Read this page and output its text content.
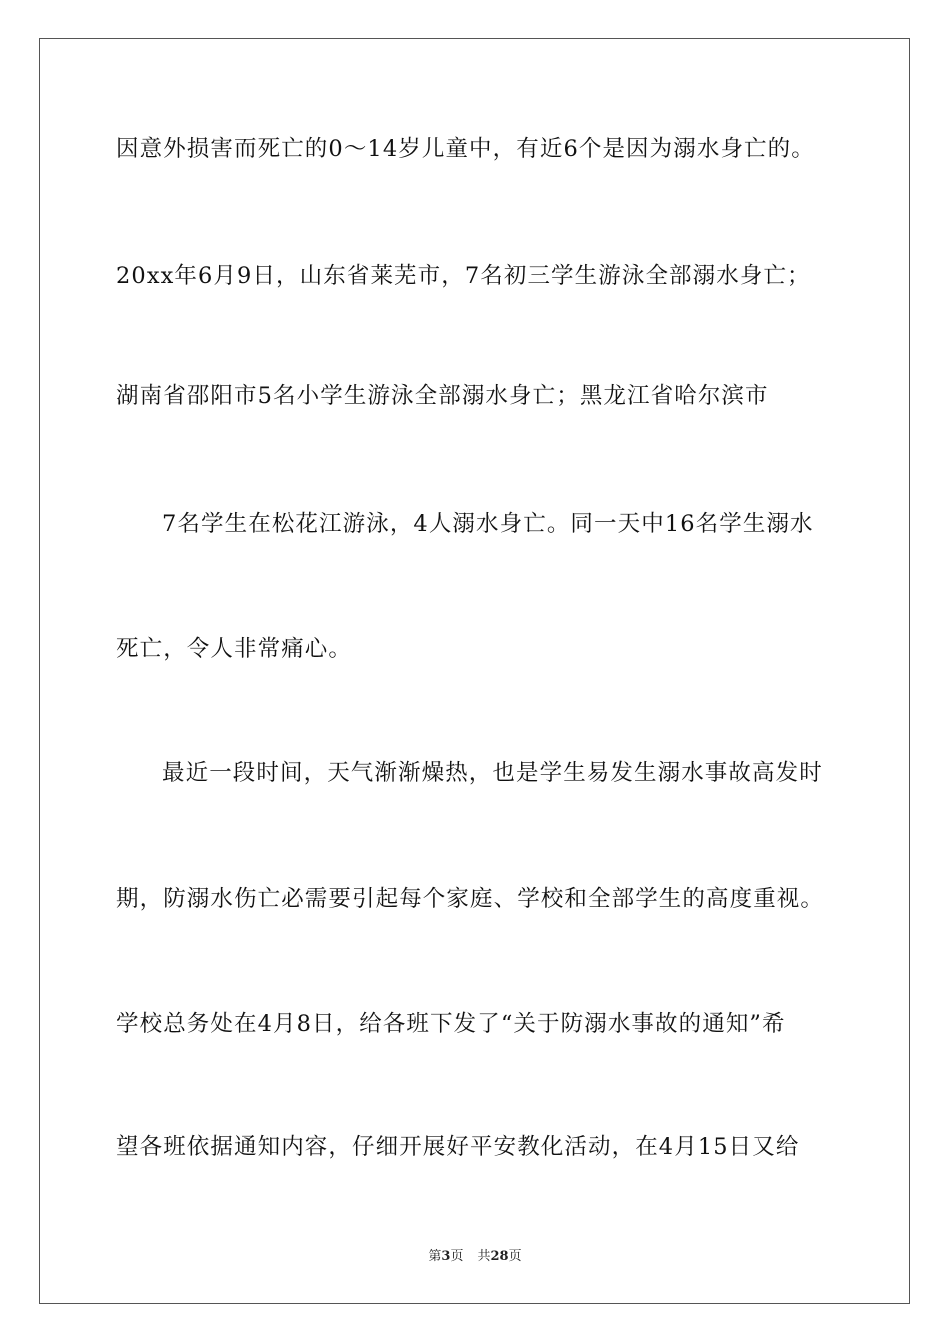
因意外损害而死亡的0～14岁儿童中，有近6个是因为溺水身亡的。
20xx年6月9日，山东省莱芜市，7名初三学生游泳全部溺水身亡；
湖南省邵阳市5名小学生游泳全部溺水身亡；黑龙江省哈尔滨市
7名学生在松花江游泳，4人溺水身亡。同一天中16名学生溺水
死亡，令人非常痛心。
最近一段时间，天气渐渐燥热，也是学生易发生溺水事故高发时
期，防溺水伤亡必需要引起每个家庭、学校和全部学生的高度重视。
学校总务处在4月8日，给各班下发了“关于防溺水事故的通知”希
望各班依据通知内容，仔细开展好平安教化活动，在4月15日又给
第3页 共28页
